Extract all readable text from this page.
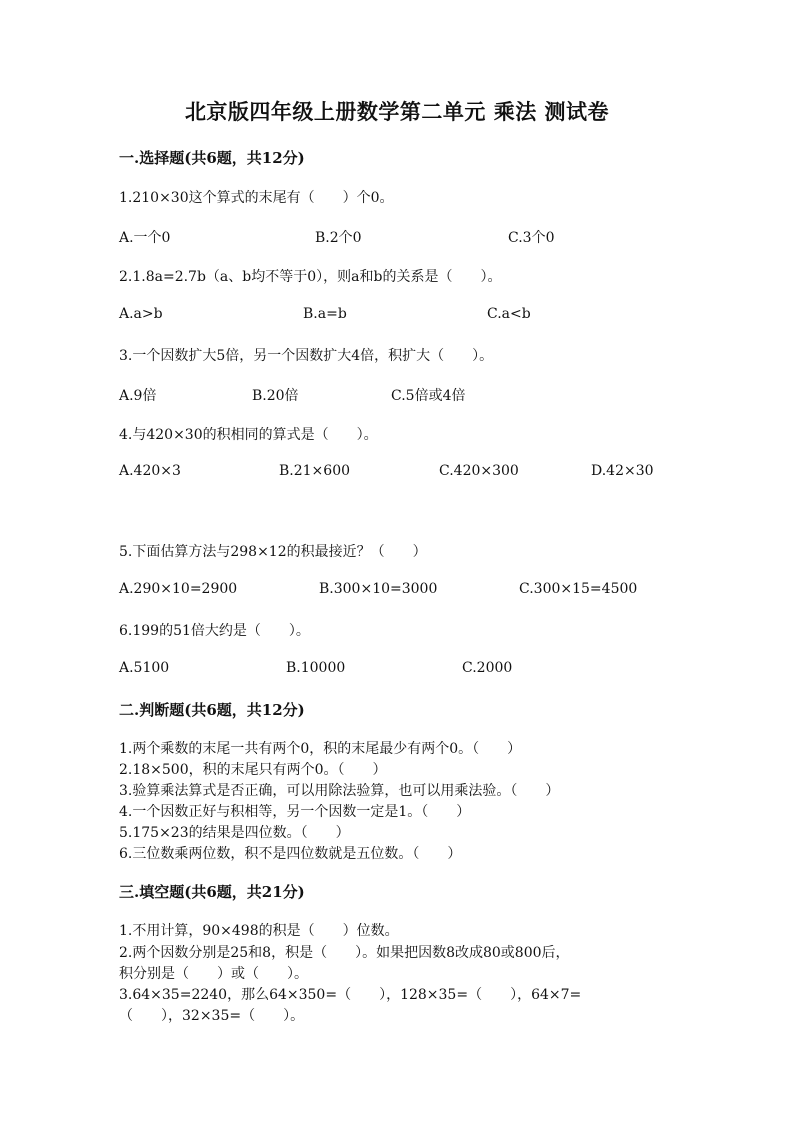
北京版四年级上册数学第二单元 乘法 测试卷
一.选择题(共6题，共12分)
1.210×30这个算式的末尾有（　　）个0。
A.一个0	B.2个0	C.3个0
2.1.8a=2.7b（a、b均不等于0），则a和b的关系是（　　）。
A.a>b	B.a=b	C.a<b
3.一个因数扩大5倍，另一个因数扩大4倍，积扩大（　　）。
A.9倍	B.20倍	C.5倍或4倍
4.与420×30的积相同的算式是（　　）。
A.420×3	B.21×600	C.420×300	D.42×30
5.下面估算方法与298×12的积最接近？（　　）
A.290×10=2900	B.300×10=3000	C.300×15=4500
6.199的51倍大约是（　　）。
A.5100	B.10000	C.2000
二.判断题(共6题，共12分)
1.两个乘数的末尾一共有两个0，积的末尾最少有两个0。（　　）
2.18×500，积的末尾只有两个0。（　　）
3.验算乘法算式是否正确，可以用除法验算，也可以用乘法验。（　　）
4.一个因数正好与积相等，另一个因数一定是1。（　　）
5.175×23的结果是四位数。（　　）
6.三位数乘两位数，积不是四位数就是五位数。（　　）
三.填空题(共6题，共21分)
1.不用计算，90×498的积是（　　）位数。
2.两个因数分别是25和8，积是（　　）。如果把因数8改成80或800后，
积分别是（　　）或（　　）。
3.64×35=2240，那么64×350=（　　），128×35=（　　），64×7=
（　　），32×35=（　　）。
